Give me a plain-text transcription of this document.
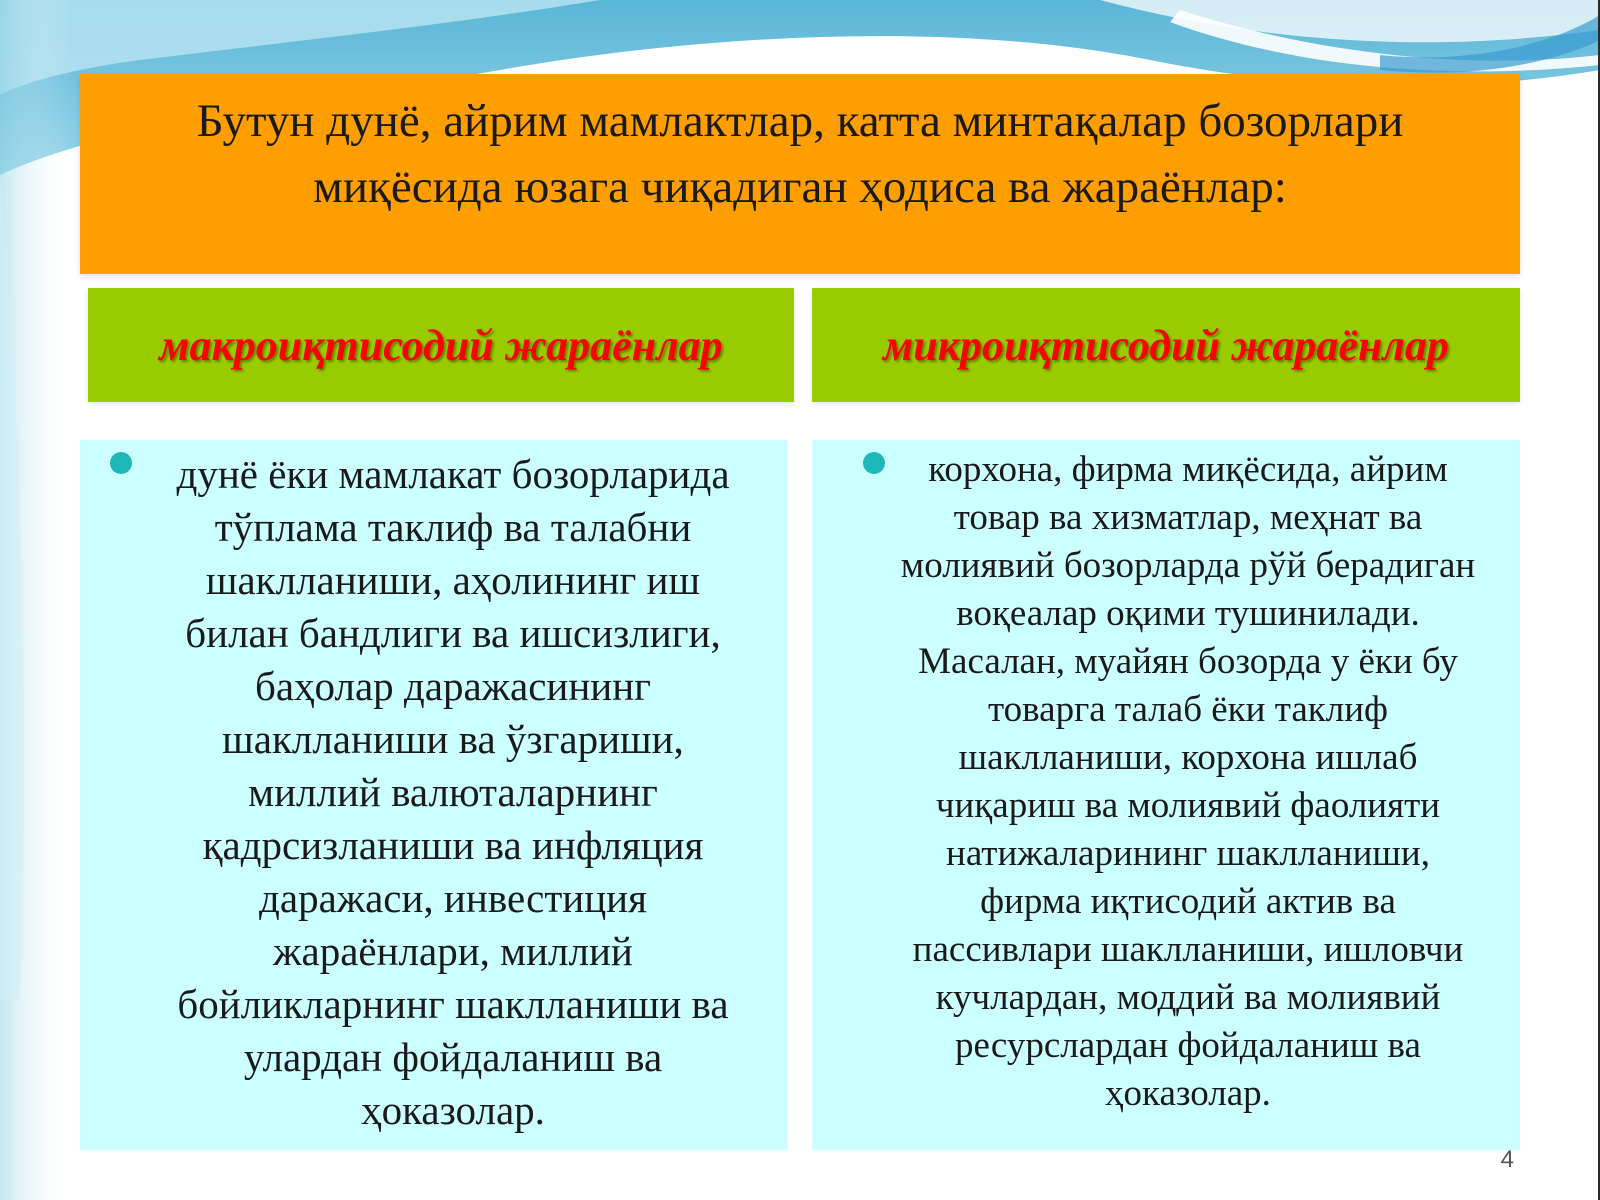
Бутун дунё, айрим мамлактлар, катта минтақалар бозорлари
миқёсида юзага чиқадиган ҳодиса ва жараёнлар:

макроиқтисодий жараёнлар	микроиқтисодий жараёнлар

дунё ёки мамлакат бозорларида
тўплама таклиф ва талабни
шаклланиши, аҳолининг иш
билан бандлиги ва ишсизлиги,
баҳолар даражасининг
шаклланиши ва ўзгариши,
миллий валюталарнинг
қадрсизланиши ва инфляция
даражаси, инвестиция
жараёнлари, миллий
бойликларнинг шаклланиши ва
улардан фойдаланиш ва
ҳоказолар.

корхона, фирма миқёсида, айрим
товар ва хизматлар, меҳнат ва
молиявий бозорларда рўй берадиган
воқеалар оқими тушинилади.
Масалан, муайян бозорда у ёки бу
товарга талаб ёки таклиф
шаклланиши, корхона ишлаб
чиқариш ва молиявий фаолияти
натижаларининг шаклланиши,
фирма иқтисодий актив ва
пассивлари шаклланиши, ишловчи
кучлардан, моддий ва молиявий
ресурслардан фойдаланиш ва
ҳоказолар.

4
